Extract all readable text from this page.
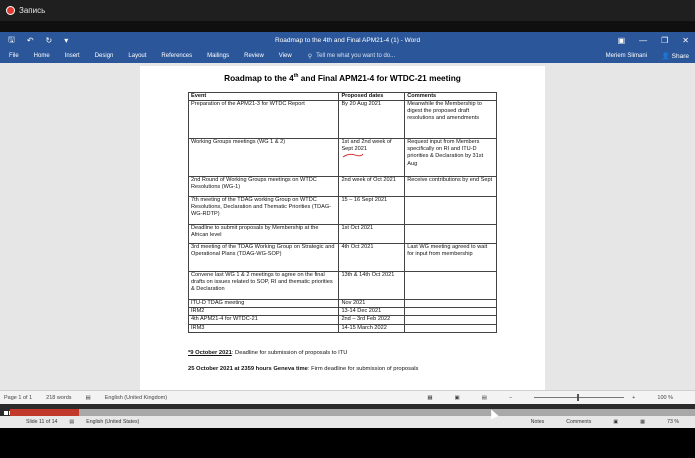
Запись
🖫 ↶ ↻ ▾	Roadmap to the 4th and Final APM21-4 (1) - Word	▣ — ❐ ✕
File	Home	Insert	Design	Layout	References	Mailings	Review	View	⚲ Tell me what you want to do...	Meriem Slimani 👤 Share
Roadmap to the 4th and Final APM21-4 for WTDC-21 meeting
Event	Proposed dates	Comments
Preparation of the APM21-3 for WTDC Report	By 20 Aug 2021	Meanwhile the Membership to digest the proposed draft resolutions and amendments
Working Groups meetings (WG 1 & 2)	1st and 2nd week of Sept 2021	Request input from Members specifically on RI and ITU-D priorities & Declaration by 31st Aug
2nd Round of Working Groups meetings on WTDC Resolutions (WG-1)	2nd week of Oct 2021	Receive contributions by end Sept
7th meeting of the TDAG working Group on WTDC Resolutions, Declaration and Thematic Priorities (TDAG-WG-RDTP)	15 – 16 Sept 2021	
Deadline to submit proposals by Membership at the African level	1st Oct 2021	
3rd meeting of the TDAG Working Group on Strategic and Operational Plans (TDAG-WG-SOP)	4th Oct 2021	Last WG meeting agreed to wait for input from membership
Convene last WG 1 & 2 meetings to agree on the final drafts on issues related to SOP, RI and thematic priorities & Declaration	13th & 14th Oct 2021	
ITU-D TDAG meeting	Nov 2021	
IRM2	13-14 Dec 2021	
4th APM21-4 for WTDC-21	2nd – 3rd Feb 2022	
IRM3	14-15 March 2022	
*9 October 2021: Deadline for submission of proposals to ITU
25 October 2021 at 2359 hours Geneva time: Firm deadline for submission of proposals
Page 1 of 1	218 words	▤	English (United Kingdom)	▦	▣	▤	−	+	100 %
Slide 11 of 14 ▤ English (United States)	Notes	Comments	▣	▦	73 %
